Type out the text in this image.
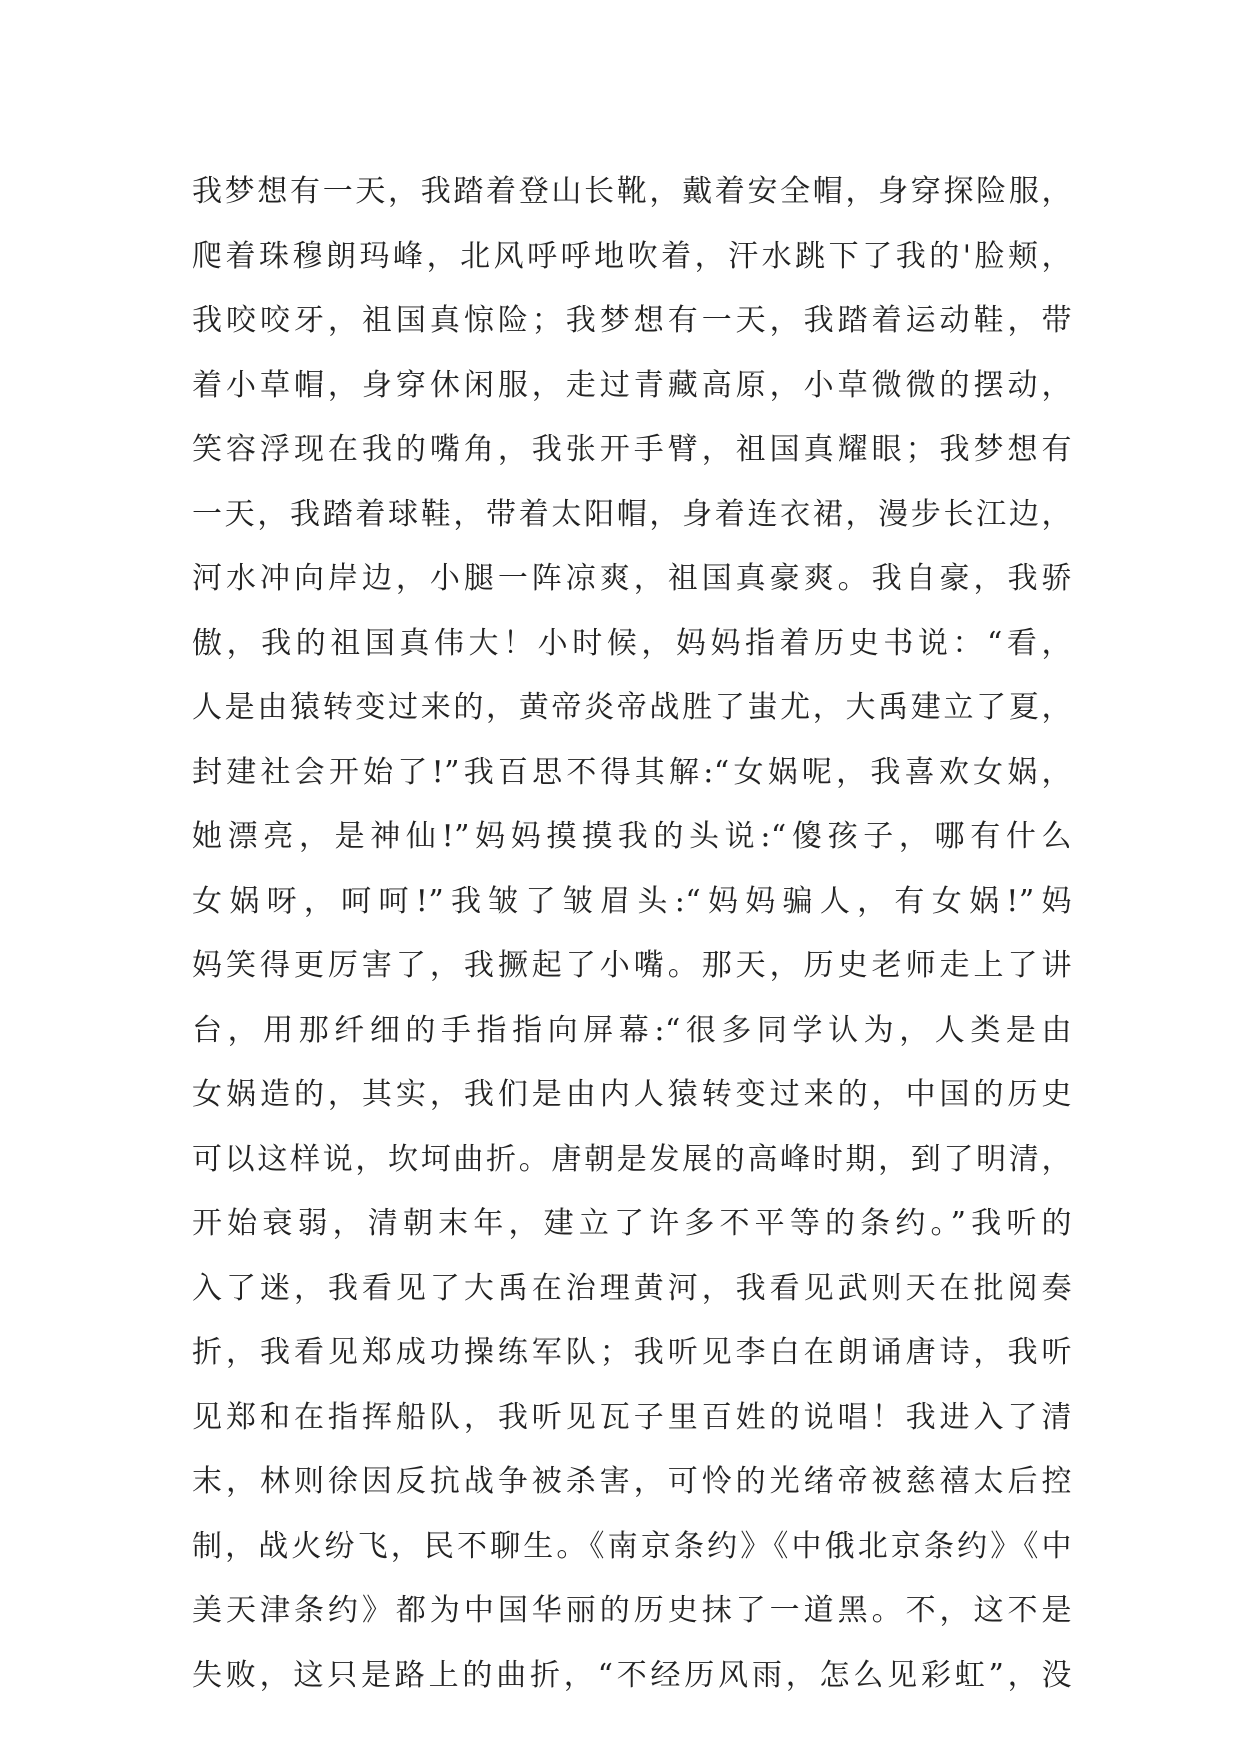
我梦想有一天，我踏着登山长靴，戴着安全帽，身穿探险服，
爬着珠穆朗玛峰，北风呼呼地吹着，汗水跳下了我的'脸颊，
我咬咬牙，祖国真惊险；我梦想有一天，我踏着运动鞋，带
着小草帽，身穿休闲服，走过青藏高原，小草微微的摆动，
笑容浮现在我的嘴角，我张开手臂，祖国真耀眼；我梦想有
一天，我踏着球鞋，带着太阳帽，身着连衣裙，漫步长江边，
河水冲向岸边，小腿一阵凉爽，祖国真豪爽。我自豪，我骄
傲，我的祖国真伟大！小时候，妈妈指着历史书说：“看，
人是由猿转变过来的，黄帝炎帝战胜了蚩尤，大禹建立了夏，
封建社会开始了!”我百思不得其解:“女娲呢，我喜欢女娲，
她漂亮，是神仙!”妈妈摸摸我的头说:“傻孩子，哪有什么
女娲呀，呵呵!”我皱了皱眉头:“妈妈骗人，有女娲!”妈
妈笑得更厉害了，我撅起了小嘴。那天，历史老师走上了讲
台，用那纤细的手指指向屏幕:“很多同学认为，人类是由
女娲造的，其实，我们是由内人猿转变过来的，中国的历史
可以这样说，坎坷曲折。唐朝是发展的高峰时期，到了明清，
开始衰弱，清朝末年，建立了许多不平等的条约。”我听的
入了迷，我看见了大禹在治理黄河，我看见武则天在批阅奏
折，我看见郑成功操练军队；我听见李白在朗诵唐诗，我听
见郑和在指挥船队，我听见瓦子里百姓的说唱！我进入了清
末，林则徐因反抗战争被杀害，可怜的光绪帝被慈禧太后控
制，战火纷飞，民不聊生。《南京条约》《中俄北京条约》《中
美天津条约》都为中国华丽的历史抹了一道黑。不，这不是
失败，这只是路上的曲折，“不经历风雨，怎么见彩虹”，没
